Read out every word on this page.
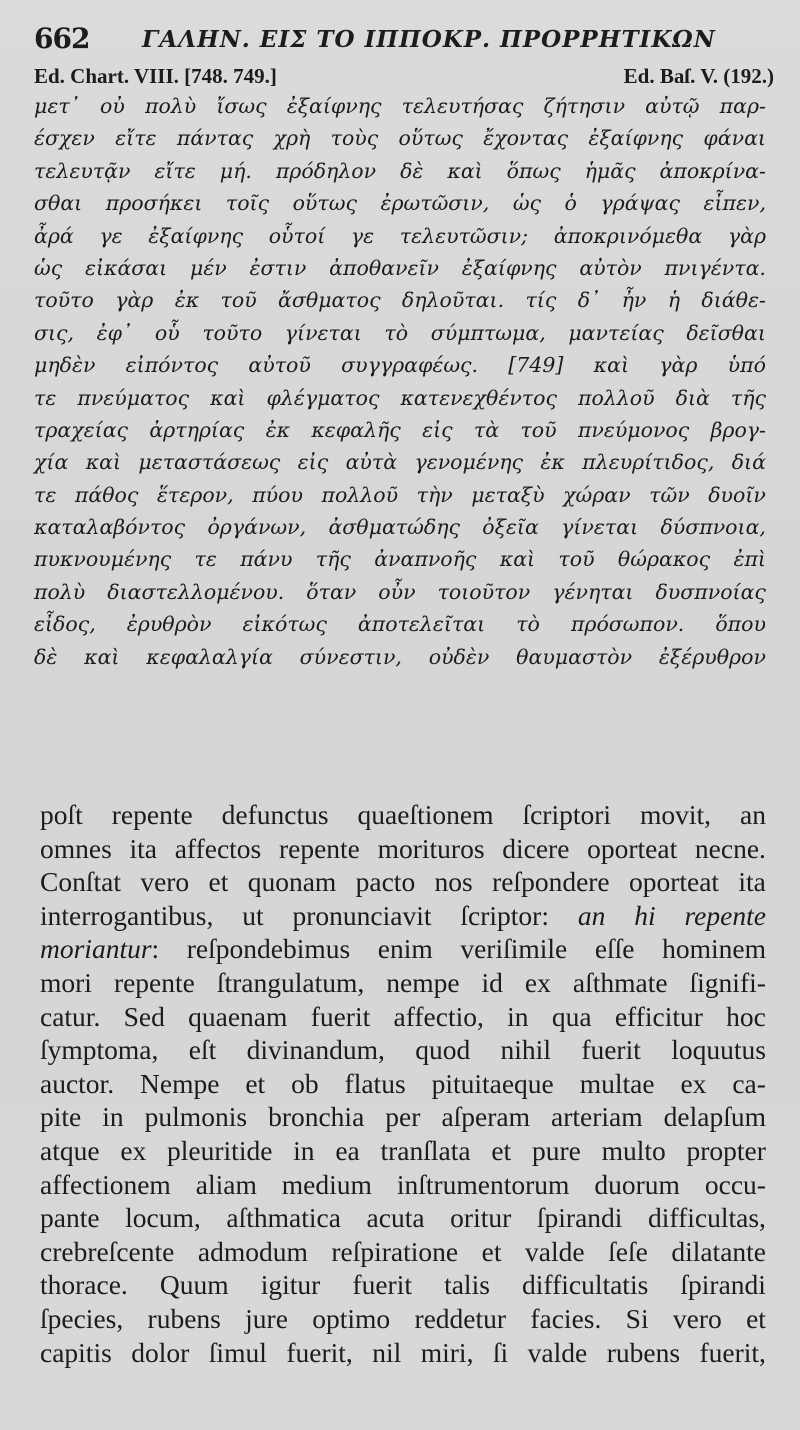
662 ΓΑΛΗΝ. ΕΙΣ ΤΟ ΙΠΠΟΚΡ. ΠΡΟΡΡΗΤΙΚΩΝ
Ed. Chart. VIII. [748. 749.]	Ed. Baſ. V. (192.)
μετ᾽ οὐ πολὺ ἴσως ἐξαίφνης τελευτήσας ζήτησιν αὐτῷ παρ-
έσχεν εἴτε πάντας χρὴ τοὺς οὕτως ἔχοντας ἐξαίφνης φάναι
τελευτᾷν εἴτε μή. πρόδηλον δὲ καὶ ὅπως ἡμᾶς ἀποκρίνα-
σθαι προσήκει τοῖς οὕτως ἐρωτῶσιν, ὡς ὁ γράψας εἶπεν,
ἆρά γε ἐξαίφνης οὗτοί γε τελευτῶσιν; ἀποκρινόμεθα γὰρ
ὡς εἰκάσαι μέν ἐστιν ἀποθανεῖν ἐξαίφνης αὐτὸν πνιγέντα.
τοῦτο γὰρ ἐκ τοῦ ἄσθματος δηλοῦται. τίς δ᾽ ἦν ἡ διάθε-
σις, ἐφ᾽ οὗ τοῦτο γίνεται τὸ σύμπτωμα, μαντείας δεῖσθαι
μηδὲν εἰπόντος αὐτοῦ συγγραφέως. [749] καὶ γὰρ ὑπό
τε πνεύματος καὶ φλέγματος κατενεχθέντος πολλοῦ διὰ τῆς
τραχείας ἀρτηρίας ἐκ κεφαλῆς εἰς τὰ τοῦ πνεύμονος βρογ-
χία καὶ μεταστάσεως εἰς αὐτὰ γενομένης ἐκ πλευρίτιδος, διά
τε πάθος ἕτερον, πύου πολλοῦ τὴν μεταξὺ χώραν τῶν δυοῖν
καταλαβόντος ὀργάνων, ἀσθματώδης ὀξεῖα γίνεται δύσπνοια,
πυκνουμένης τε πάνυ τῆς ἀναπνοῆς καὶ τοῦ θώρακος ἐπὶ
πολὺ διαστελλομένου. ὅταν οὖν τοιοῦτον γένηται δυσπνοίας
εἶδος, ἐρυθρὸν εἰκότως ἀποτελεῖται τὸ πρόσωπον. ὅπου
δὲ καὶ κεφαλαλγία σύνεστιν, οὐδὲν θαυμαστὸν ἐξέρυθρον
poſt repente defunctus quaeſtionem ſcriptori movit, an
omnes ita affectos repente morituros dicere oporteat necne.
Conſtat vero et quonam pacto nos reſpondere oporteat ita
interrogantibus, ut pronunciavit ſcriptor: an hi repente
moriantur: reſpondebimus enim veriſimile eſſe hominem
mori repente ſtrangulatum, nempe id ex aſthmate ſignifi-
catur. Sed quaenam fuerit affectio, in qua efficitur hoc
ſymptoma, eſt divinandum, quod nihil fuerit loquutus
auctor. Nempe et ob flatus pituitaeque multae ex ca-
pite in pulmonis bronchia per aſperam arteriam delapſum
atque ex pleuritide in ea tranſlata et pure multo propter
affectionem aliam medium inſtrumentorum duorum occu-
pante locum, aſthmatica acuta oritur ſpirandi difficultas,
crebreſcente admodum reſpiratione et valde ſeſe dilatante
thorace. Quum igitur fuerit talis difficultatis ſpirandi
ſpecies, rubens jure optimo reddetur facies. Si vero et
capitis dolor ſimul fuerit, nil miri, ſi valde rubens fuerit,
